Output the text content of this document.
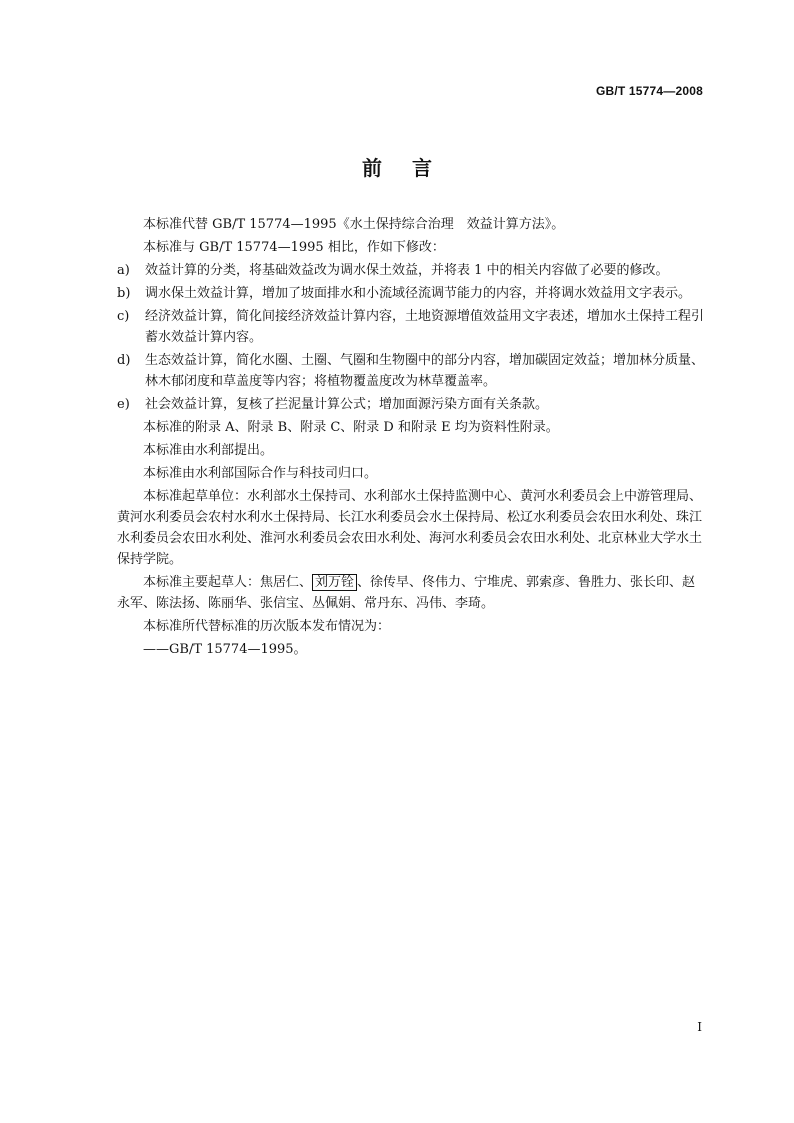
GB/T 15774—2008
前言

本标准代替 GB/T 15774—1995《水土保持综合治理　效益计算方法》。

本标准与 GB/T 15774—1995 相比，作如下修改：

a)	效益计算的分类，将基础效益改为调水保土效益，并将表 1 中的相关内容做了必要的修改。
b)	调水保土效益计算，增加了坡面排水和小流域径流调节能力的内容，并将调水效益用文字表示。
c)	经济效益计算，简化间接经济效益计算内容，土地资源增值效益用文字表述，增加水土保持工程引蓄水效益计算内容。
d)	生态效益计算，简化水圈、土圈、气圈和生物圈中的部分内容，增加碳固定效益；增加林分质量、林木郁闭度和草盖度等内容；将植物覆盖度改为林草覆盖率。
e)	社会效益计算，复核了拦泥量计算公式；增加面源污染方面有关条款。

本标准的附录 A、附录 B、附录 C、附录 D 和附录 E 均为资料性附录。

本标准由水利部提出。

本标准由水利部国际合作与科技司归口。

本标准起草单位：水利部水土保持司、水利部水土保持监测中心、黄河水利委员会上中游管理局、黄河水利委员会农村水利水土保持局、长江水利委员会水土保持局、松辽水利委员会农田水利处、珠江水利委员会农田水利处、淮河水利委员会农田水利处、海河水利委员会农田水利处、北京林业大学水土保持学院。

本标准主要起草人：焦居仁、 刘万铨 、徐传早、佟伟力、宁堆虎、郭索彦、鲁胜力、张长印、赵永军、陈法扬、陈丽华、张信宝、丛佩娟、常丹东、冯伟、李琦。

本标准所代替标准的历次版本发布情况为：

——GB/T 15774—1995。

I
